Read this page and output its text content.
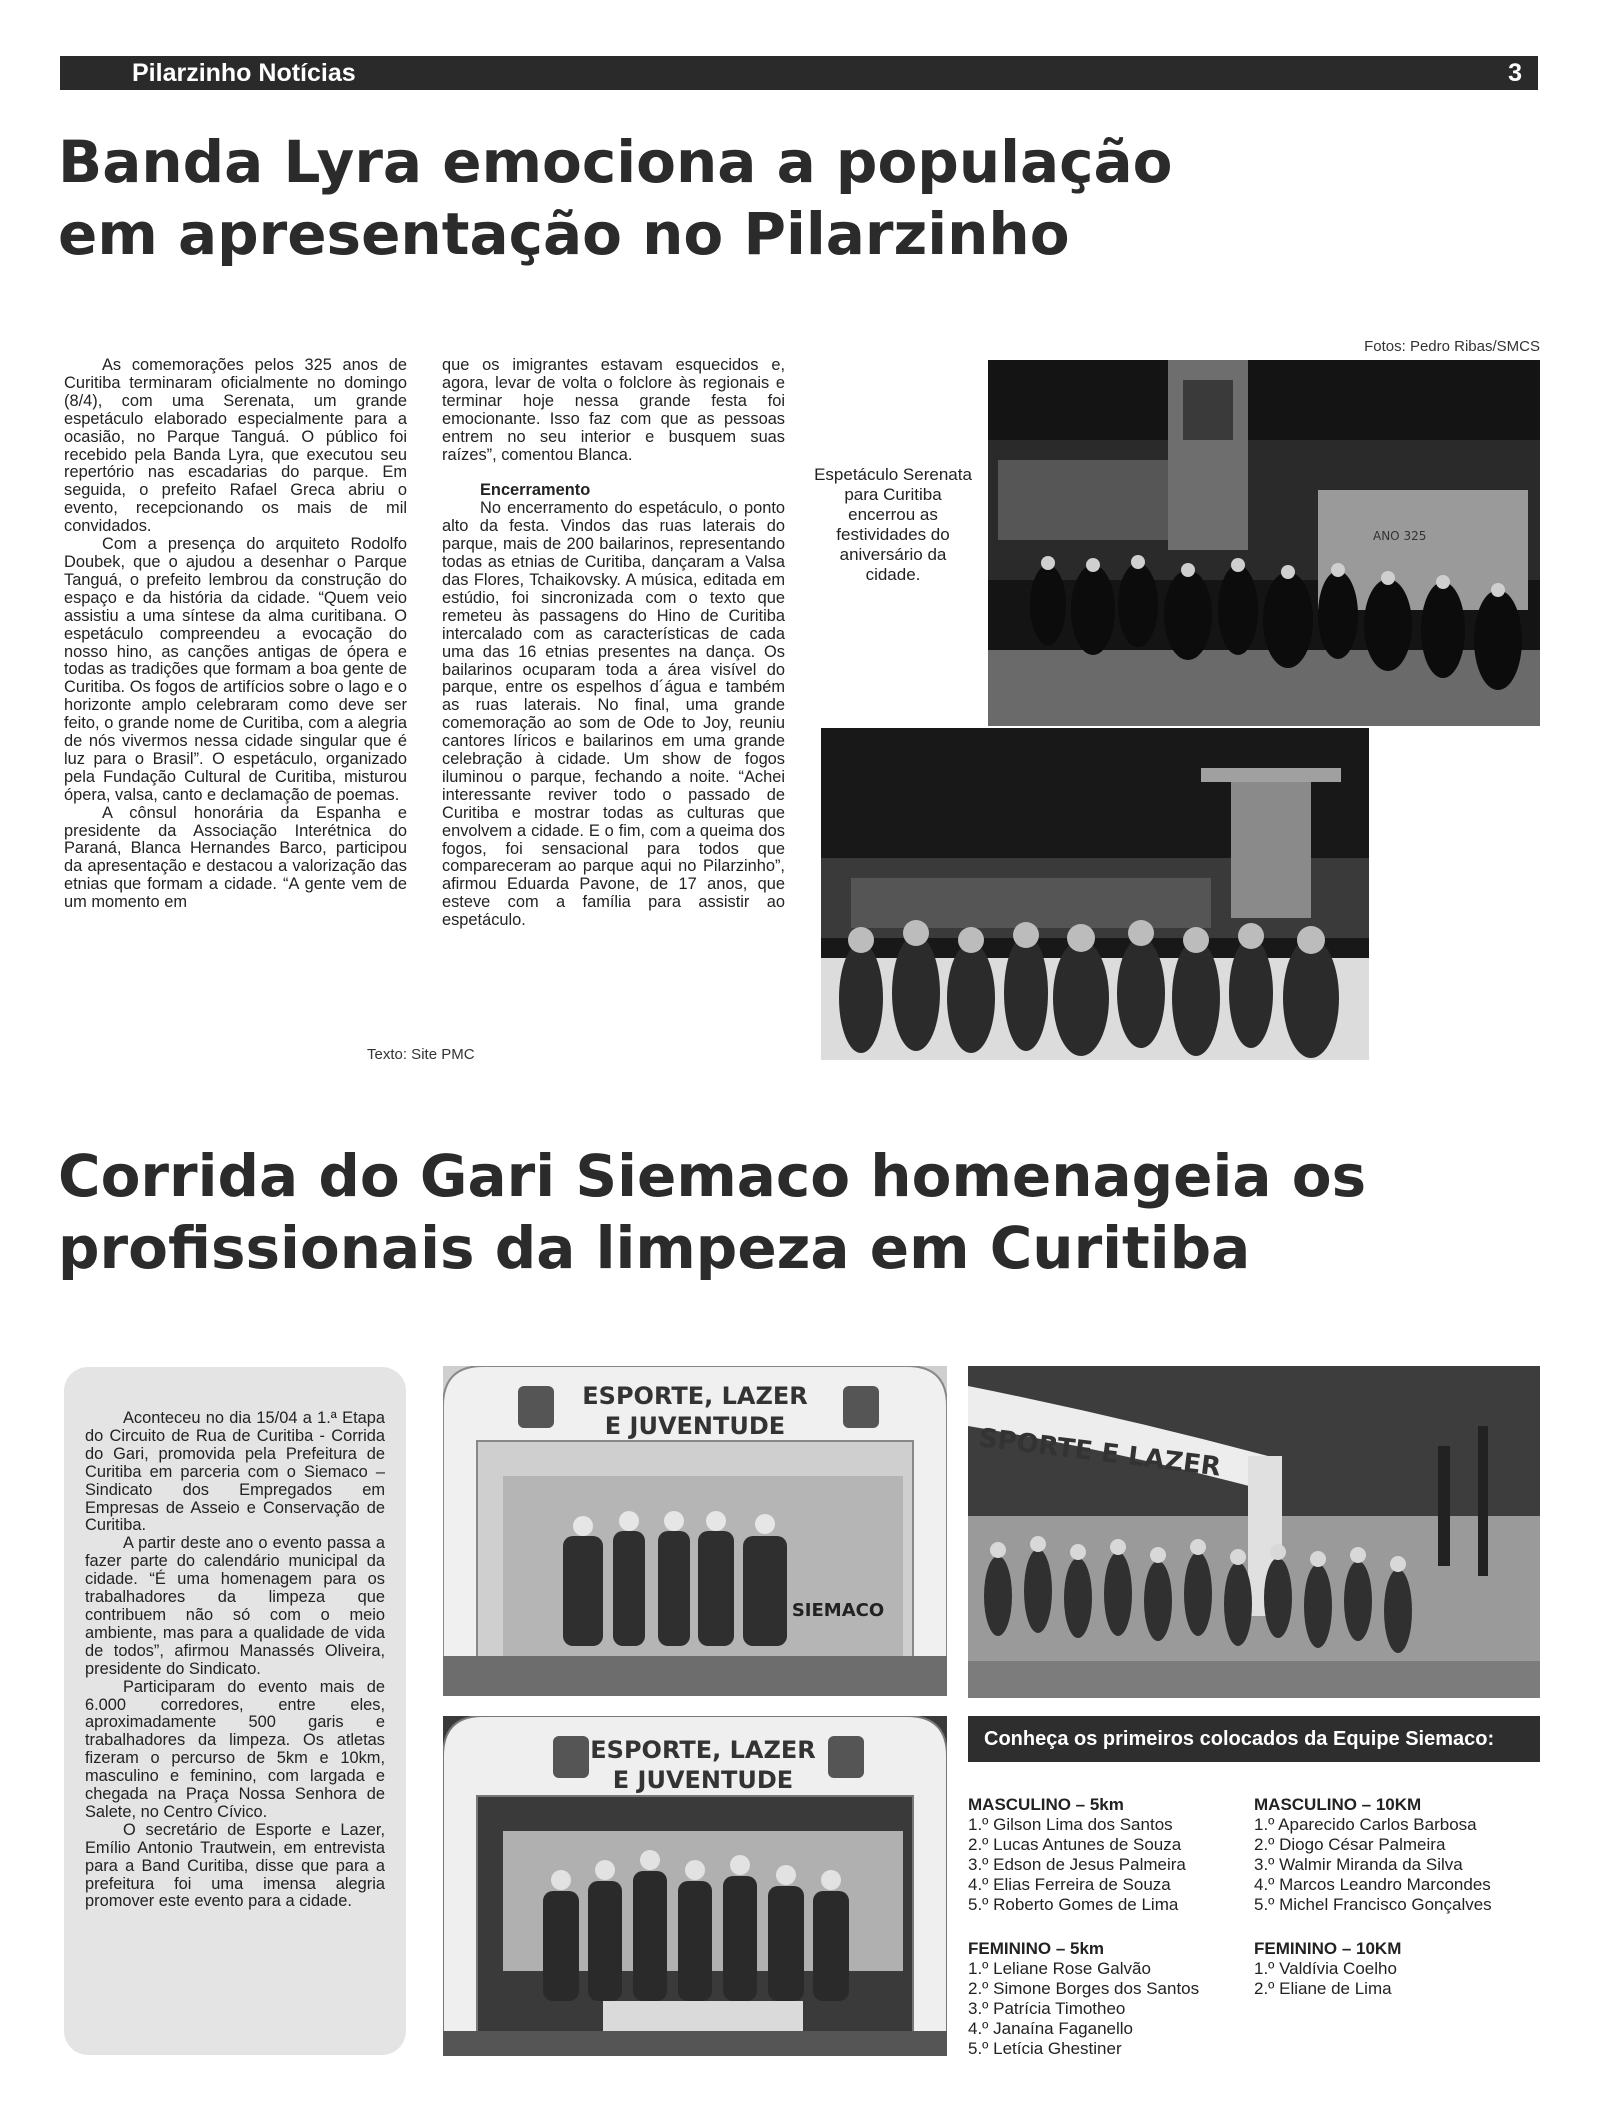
Pilarzinho Notícias	3
Banda Lyra emociona a população
em apresentação no Pilarzinho

As comemorações pelos 325 anos de Curitiba terminaram oficialmente no domingo (8/4), com uma Serenata, um grande espetáculo elaborado especialmente para a ocasião, no Parque Tanguá. O público foi recebido pela Banda Lyra, que executou seu repertório nas escadarias do parque. Em seguida, o prefeito Rafael Greca abriu o evento, recepcionando os mais de mil convidados.

Com a presença do arquiteto Rodolfo Doubek, que o ajudou a desenhar o Parque Tanguá, o prefeito lembrou da construção do espaço e da história da cidade. “Quem veio assistiu a uma síntese da alma curitibana. O espetáculo compreendeu a evocação do nosso hino, as canções antigas de ópera e todas as tradições que formam a boa gente de Curitiba. Os fogos de artifícios sobre o lago e o horizonte amplo celebraram como deve ser feito, o grande nome de Curitiba, com a alegria de nós vivermos nessa cidade singular que é luz para o Brasil”. O espetáculo, organizado pela Fundação Cultural de Curitiba, misturou ópera, valsa, canto e declamação de poemas.

A cônsul honorária da Espanha e presidente da Associação Interétnica do Paraná, Blanca Hernandes Barco, participou da apresentação e destacou a valorização das etnias que formam a cidade. “A gente vem de um momento em

que os imigrantes estavam esquecidos e, agora, levar de volta o folclore às regionais e terminar hoje nessa grande festa foi emocionante. Isso faz com que as pessoas entrem no seu interior e busquem suas raízes”, comentou Blanca.

Encerramento

No encerramento do espetáculo, o ponto alto da festa. Vindos das ruas laterais do parque, mais de 200 bailarinos, representando todas as etnias de Curitiba, dançaram a Valsa das Flores, Tchaikovsky. A música, editada em estúdio, foi sincronizada com o texto que remeteu às passagens do Hino de Curitiba intercalado com as características de cada uma das 16 etnias presentes na dança. Os bailarinos ocuparam toda a área visível do parque, entre os espelhos d´água e também as ruas laterais. No final, uma grande comemoração ao som de Ode to Joy, reuniu cantores líricos e bailarinos em uma grande celebração à cidade. Um show de fogos iluminou o parque, fechando a noite. “Achei interessante reviver todo o passado de Curitiba e mostrar todas as culturas que envolvem a cidade. E o fim, com a queima dos fogos, foi sensacional para todos que compareceram ao parque aqui no Pilarzinho”, afirmou Eduarda Pavone, de 17 anos, que esteve com a família para assistir ao espetáculo.

Texto: Site PMC
Fotos: Pedro Ribas/SMCS
Espetáculo Serenata para Curitiba encerrou as festividades do aniversário da cidade.
ANO 325
Corrida do Gari Siemaco homenageia os
profissionais da limpeza em Curitiba

Aconteceu no dia 15/04 a 1.ª Etapa do Circuito de Rua de Curitiba - Corrida do Gari, promovida pela Prefeitura de Curitiba em parceria com o Siemaco – Sindicato dos Empregados em Empresas de Asseio e Conservação de Curitiba.

A partir deste ano o evento passa a fazer parte do calendário municipal da cidade. “É uma homenagem para os trabalhadores da limpeza que contribuem não só com o meio ambiente, mas para a qualidade de vida de todos”, afirmou Manassés Oliveira, presidente do Sindicato.

Participaram do evento mais de 6.000 corredores, entre eles, aproximadamente 500 garis e trabalhadores da limpeza. Os atletas fizeram o percurso de 5km e 10km, masculino e feminino, com largada e chegada na Praça Nossa Senhora de Salete, no Centro Cívico.

O secretário de Esporte e Lazer, Emílio Antonio Trautwein, em entrevista para a Band Curitiba, disse que para a prefeitura foi uma imensa alegria promover este evento para a cidade.

ESPORTE, LAZER
E JUVENTUDE
SIEMACO
SPORTE E LAZER
ESPORTE, LAZER
E JUVENTUDE
Conheça os primeiros colocados da Equipe Siemaco:
MASCULINO – 5km
1.º Gilson Lima dos Santos
2.º Lucas Antunes de Souza
3.º Edson de Jesus Palmeira
4.º Elias Ferreira de Souza
5.º Roberto Gomes de Lima
MASCULINO – 10KM
1.º Aparecido Carlos Barbosa
2.º Diogo César Palmeira
3.º Walmir Miranda da Silva
4.º Marcos Leandro Marcondes
5.º Michel Francisco Gonçalves
FEMININO – 5km
1.º Leliane Rose Galvão
2.º Simone Borges dos Santos
3.º Patrícia Timotheo
4.º Janaína Faganello
5.º Letícia Ghestiner
FEMININO – 10KM
1.º Valdívia Coelho
2.º Eliane de Lima
